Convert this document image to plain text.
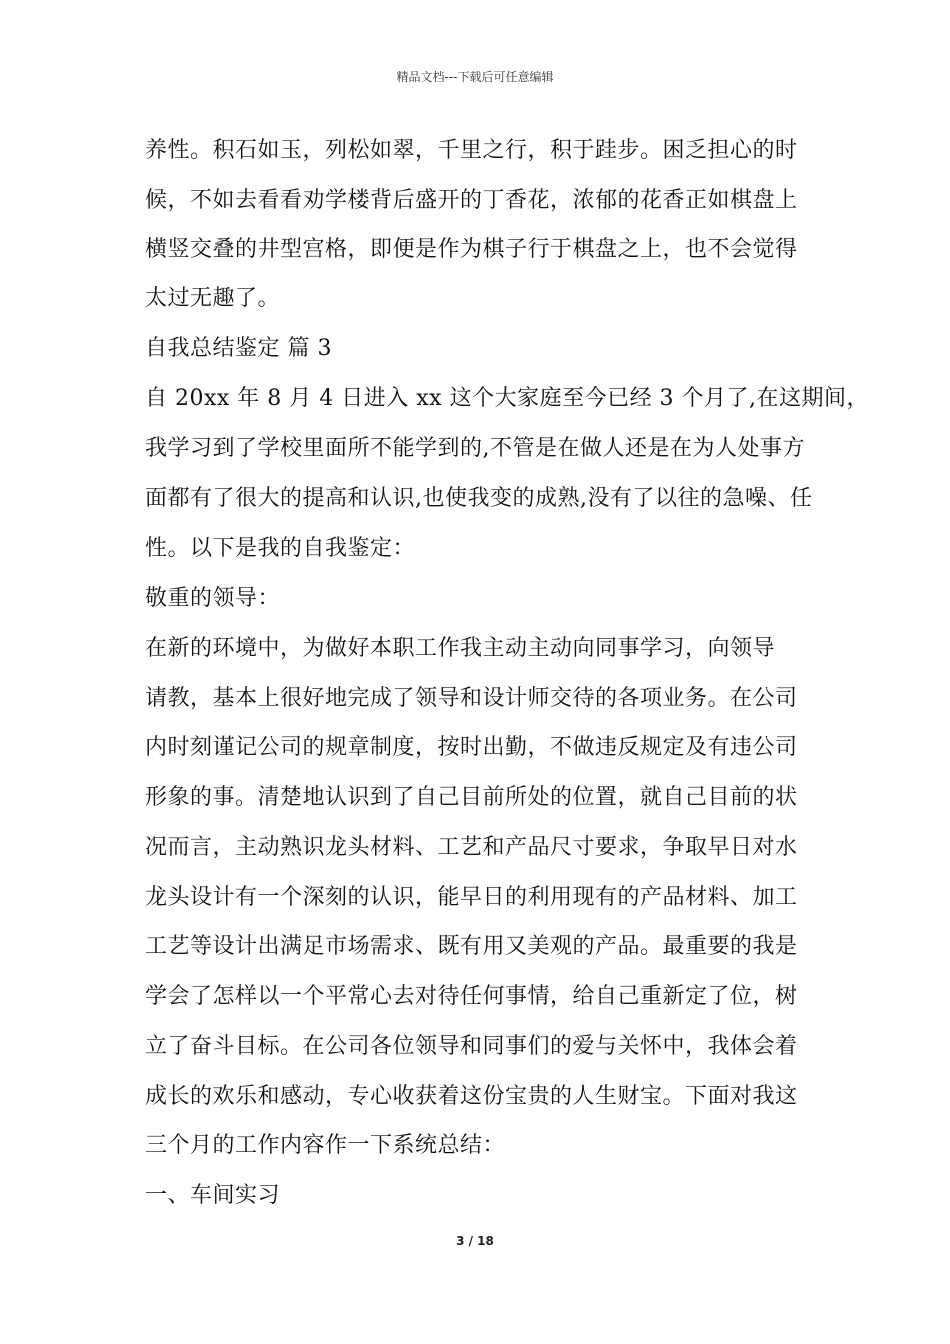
精品文档---下载后可任意编辑
养性。积石如玉，列松如翠，千里之行，积于跬步。困乏担心的时
候，不如去看看劝学楼背后盛开的丁香花，浓郁的花香正如棋盘上
横竖交叠的井型宫格，即便是作为棋子行于棋盘之上，也不会觉得
太过无趣了。
自我总结鉴定 篇 3
自 20xx 年 8 月 4 日进入 xx 这个大家庭至今已经 3 个月了,在这期间，
我学习到了学校里面所不能学到的,不管是在做人还是在为人处事方
面都有了很大的提高和认识,也使我变的成熟,没有了以往的急噪、任
性。以下是我的自我鉴定：
敬重的领导：
在新的环境中，为做好本职工作我主动主动向同事学习，向领导
请教，基本上很好地完成了领导和设计师交待的各项业务。在公司
内时刻谨记公司的规章制度，按时出勤，不做违反规定及有违公司
形象的事。清楚地认识到了自己目前所处的位置，就自己目前的状
况而言，主动熟识龙头材料、工艺和产品尺寸要求，争取早日对水
龙头设计有一个深刻的认识，能早日的利用现有的产品材料、加工
工艺等设计出满足市场需求、既有用又美观的产品。最重要的我是
学会了怎样以一个平常心去对待任何事情，给自己重新定了位，树
立了奋斗目标。在公司各位领导和同事们的爱与关怀中，我体会着
成长的欢乐和感动，专心收获着这份宝贵的人生财宝。下面对我这
三个月的工作内容作一下系统总结：
一、车间实习
3 / 18
